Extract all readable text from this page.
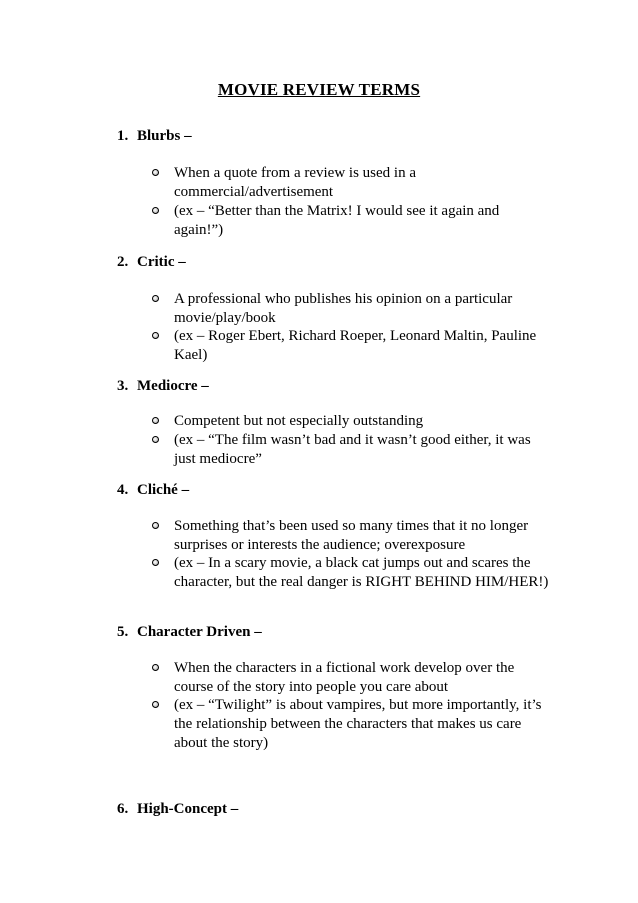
MOVIE REVIEW TERMS
1. Blurbs –
When a quote from a review is used in a commercial/advertisement
(ex – “Better than the Matrix! I would see it again and again!”)
2. Critic –
A professional who publishes his opinion on a particular movie/play/book
(ex – Roger Ebert, Richard Roeper, Leonard Maltin, Pauline Kael)
3. Mediocre –
Competent but not especially outstanding
(ex – “The film wasn’t bad and it wasn’t good either, it was just mediocre”
4. Cliché –
Something that’s been used so many times that it no longer surprises or interests the audience; overexposure
(ex – In a scary movie, a black cat jumps out and scares the character, but the real danger is RIGHT BEHIND HIM/HER!)
5. Character Driven –
When the characters in a fictional work develop over the course of the story into people you care about
(ex – “Twilight” is about vampires, but more importantly, it’s the relationship between the characters that makes us care about the story)
6. High-Concept –
